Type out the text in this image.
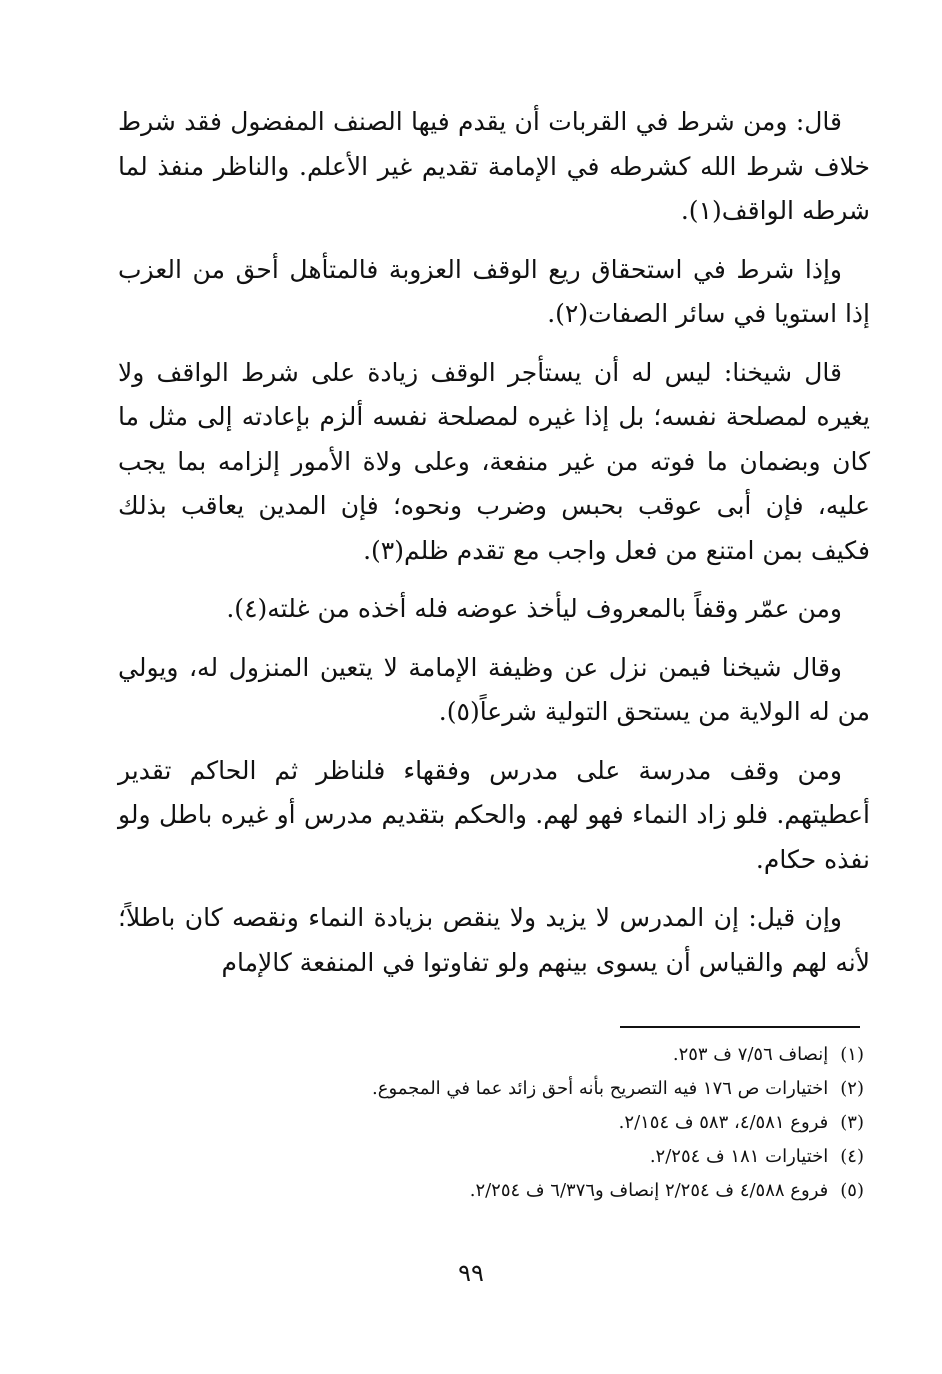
قال: ومن شرط في القربات أن يقدم فيها الصنف المفضول فقد شرط خلاف شرط الله كشرطه في الإمامة تقديم غير الأعلم. والناظر منفذ لما شرطه الواقف(١).

وإذا شرط في استحقاق ريع الوقف العزوبة فالمتأهل أحق من العزب إذا استويا في سائر الصفات(٢).

قال شيخنا: ليس له أن يستأجر الوقف زيادة على شرط الواقف ولا يغيره لمصلحة نفسه؛ بل إذا غيره لمصلحة نفسه ألزم بإعادته إلى مثل ما كان وبضمان ما فوته من غير منفعة، وعلى ولاة الأمور إلزامه بما يجب عليه، فإن أبى عوقب بحبس وضرب ونحوه؛ فإن المدين يعاقب بذلك فكيف بمن امتنع من فعل واجب مع تقدم ظلم(٣).

ومن عمّر وقفاً بالمعروف ليأخذ عوضه فله أخذه من غلته(٤).

وقال شيخنا فيمن نزل عن وظيفة الإمامة لا يتعين المنزول له، ويولي من له الولاية من يستحق التولية شرعاً(٥).

ومن وقف مدرسة على مدرس وفقهاء فلناظر ثم الحاكم تقدير أعطيتهم. فلو زاد النماء فهو لهم. والحكم بتقديم مدرس أو غيره باطل ولو نفذه حكام.

وإن قيل: إن المدرس لا يزيد ولا ينقص بزيادة النماء ونقصه كان باطلاً؛ لأنه لهم والقياس أن يسوى بينهم ولو تفاوتوا في المنفعة كالإمام

(١)إنصاف ٧/٥٦ ف ٢٥٣.

(٢)اختيارات ص ١٧٦ فيه التصريح بأنه أحق زائد عما في المجموع.

(٣)فروع ٤/٥٨١، ٥٨٣ ف ٢/١٥٤.

(٤)اختيارات ١٨١ ف ٢/٢٥٤.

(٥)فروع ٤/٥٨٨ ف ٢/٢٥٤ إنصاف و٦/٣٧٦ ف ٢/٢٥٤.

٩٩
